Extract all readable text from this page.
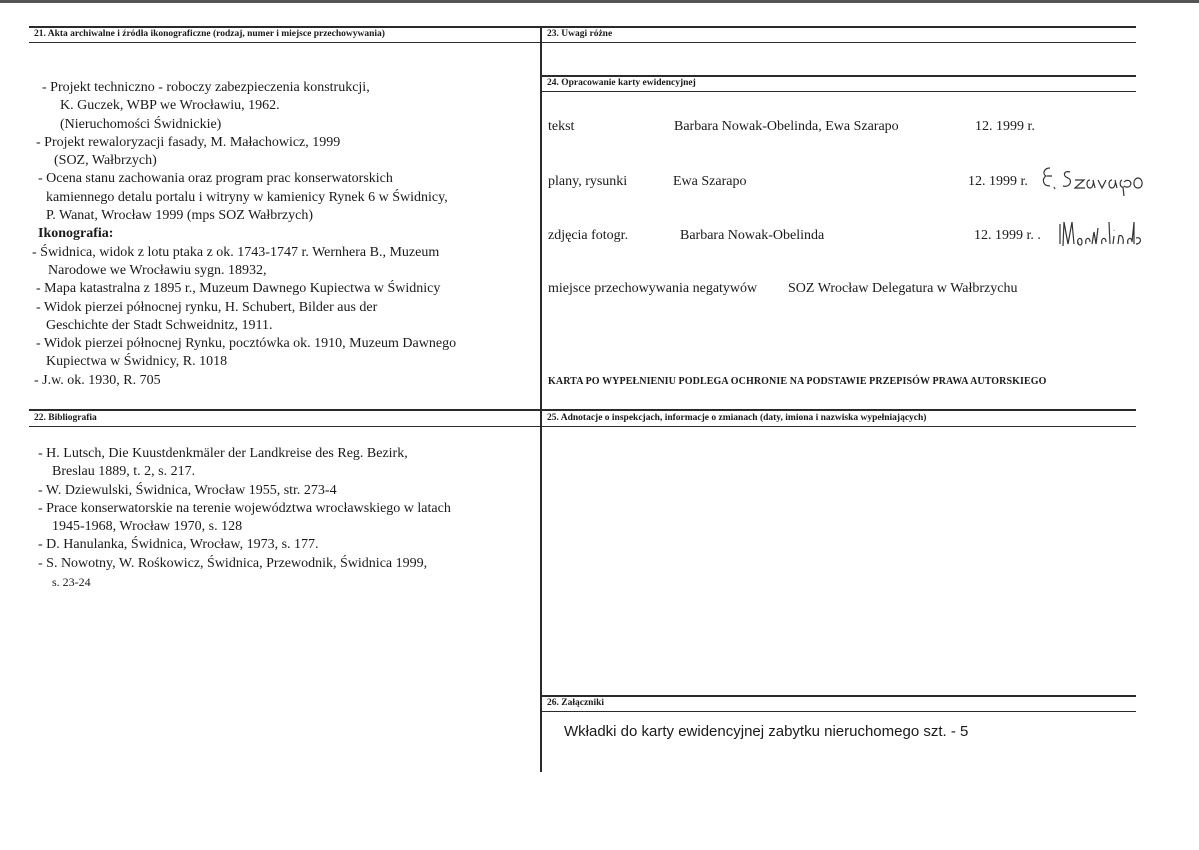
21. Akta archiwalne i źródła ikonograficzne (rodzaj, numer i miejsce przechowywania)
- Projekt techniczno - roboczy zabezpieczenia konstrukcji,
K. Guczek, WBP we Wrocławiu, 1962.
(Nieruchomości Świdnickie)
- Projekt rewaloryzacji fasady, M. Małachowicz, 1999
(SOZ, Wałbrzych)
- Ocena stanu zachowania oraz program prac konserwatorskich
kamiennego detalu portalu i witryny w kamienicy Rynek 6 w Świdnicy,
P. Wanat, Wrocław 1999 (mps SOZ Wałbrzych)
Ikonografia:
- Świdnica, widok z lotu ptaka z ok. 1743-1747 r. Wernhera B., Muzeum
Narodowe we Wrocławiu sygn. 18932,
- Mapa katastralna z 1895 r., Muzeum Dawnego Kupiectwa w Świdnicy
- Widok pierzei północnej rynku, H. Schubert, Bilder aus der
Geschichte der Stadt Schweidnitz, 1911.
- Widok pierzei północnej Rynku, pocztówka ok. 1910, Muzeum Dawnego
Kupiectwa w Świdnicy, R. 1018
- J.w. ok. 1930, R. 705
22. Bibliografia
- H. Lutsch, Die Kuustdenkmäler der Landkreise des Reg. Bezirk,
Breslau 1889, t. 2, s. 217.
- W. Dziewulski, Świdnica, Wrocław 1955, str. 273-4
- Prace konserwatorskie na terenie województwa wrocławskiego w latach
1945-1968, Wrocław 1970, s. 128
- D. Hanulanka, Świdnica, Wrocław, 1973, s. 177.
- S. Nowotny, W. Rośkowicz, Świdnica, Przewodnik, Świdnica 1999,
s. 23-24
23. Uwagi różne
24. Opracowanie karty ewidencyjnej
tekst	Barbara Nowak-Obelinda, Ewa Szarapo	12. 1999 r.
plany, rysunki	Ewa Szarapo	12. 1999 r.
zdjęcia fotogr.	Barbara Nowak-Obelinda	12. 1999 r. .
miejsce przechowywania negatywów SOZ Wrocław Delegatura w Wałbrzychu
KARTA PO WYPEŁNIENIU PODLEGA OCHRONIE NA PODSTAWIE PRZEPISÓW PRAWA AUTORSKIEGO
25. Adnotacje o inspekcjach, informacje o zmianach (daty, imiona i nazwiska wypełniających)
26. Załączniki
Wkładki do karty ewidencyjnej zabytku nieruchomego szt. - 5
